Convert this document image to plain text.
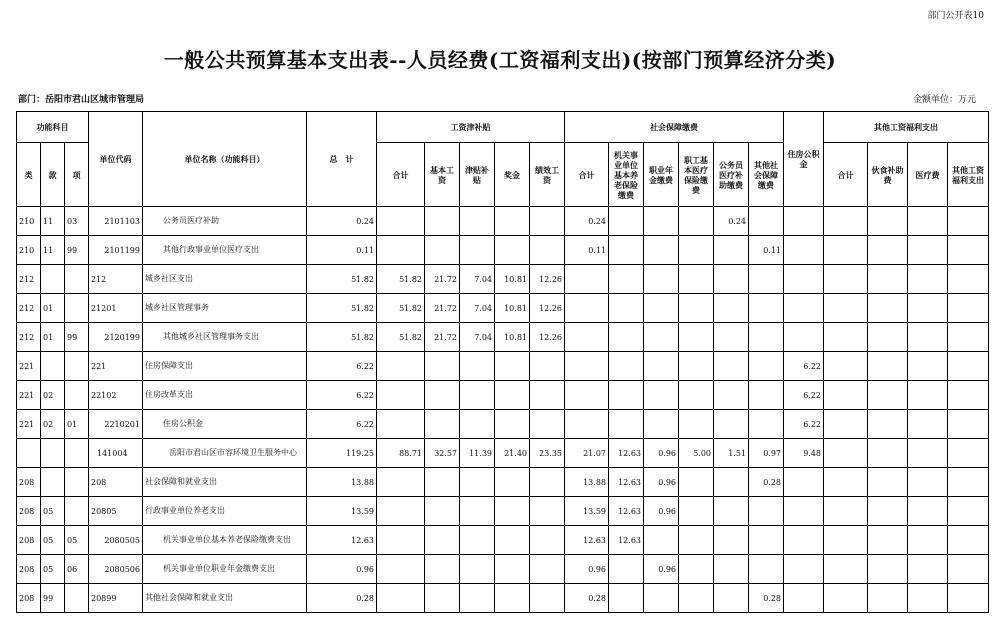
部门公开表10
一般公共预算基本支出表--人员经费(工资福利支出)(按部门预算经济分类)
部门：岳阳市君山区城市管理局	金额单位：万元
功能科目			单位代码	单位名称（功能科目）	总　计	工资津补贴					社会保障缴费						住房公积金	其他工资福利支出			
类	款	项				合计	基本工资	津贴补贴	奖金	绩效工资	合计	机关事业单位基本养老保险缴费	职业年金缴费	职工基本医疗保险缴费	公务员医疗补助缴费	其他社会保障缴费		合计	伙食补助费	医疗费	其他工资福利支出
210	11	03	2101103	公务员医疗补助	0.24						0.24				0.24						
210	11	99	2101199	其他行政事业单位医疗支出	0.11						0.11					0.11					
212			212	城乡社区支出	51.82	51.82	21.72	7.04	10.81	12.26											
212	01		21201	城乡社区管理事务	51.82	51.82	21.72	7.04	10.81	12.26											
212	01	99	2120199	其他城乡社区管理事务支出	51.82	51.82	21.72	7.04	10.81	12.26											
221			221	住房保障支出	6.22												6.22				
221	02		22102	住房改革支出	6.22												6.22				
221	02	01	2210201	住房公积金	6.22												6.22				
			141004	岳阳市君山区市容环境卫生服务中心	119.25	88.71	32.57	11.39	21.40	23.35	21.07	12.63	0.96	5.00	1.51	0.97	9.48				
208			208	社会保障和就业支出	13.88						13.88	12.63	0.96			0.28					
208	05		20805	行政事业单位养老支出	13.59						13.59	12.63	0.96								
208	05	05	2080505	机关事业单位基本养老保险缴费支出	12.63						12.63	12.63									
208	05	06	2080506	机关事业单位职业年金缴费支出	0.96						0.96		0.96								
208	99		20899	其他社会保障和就业支出	0.28						0.28					0.28					
